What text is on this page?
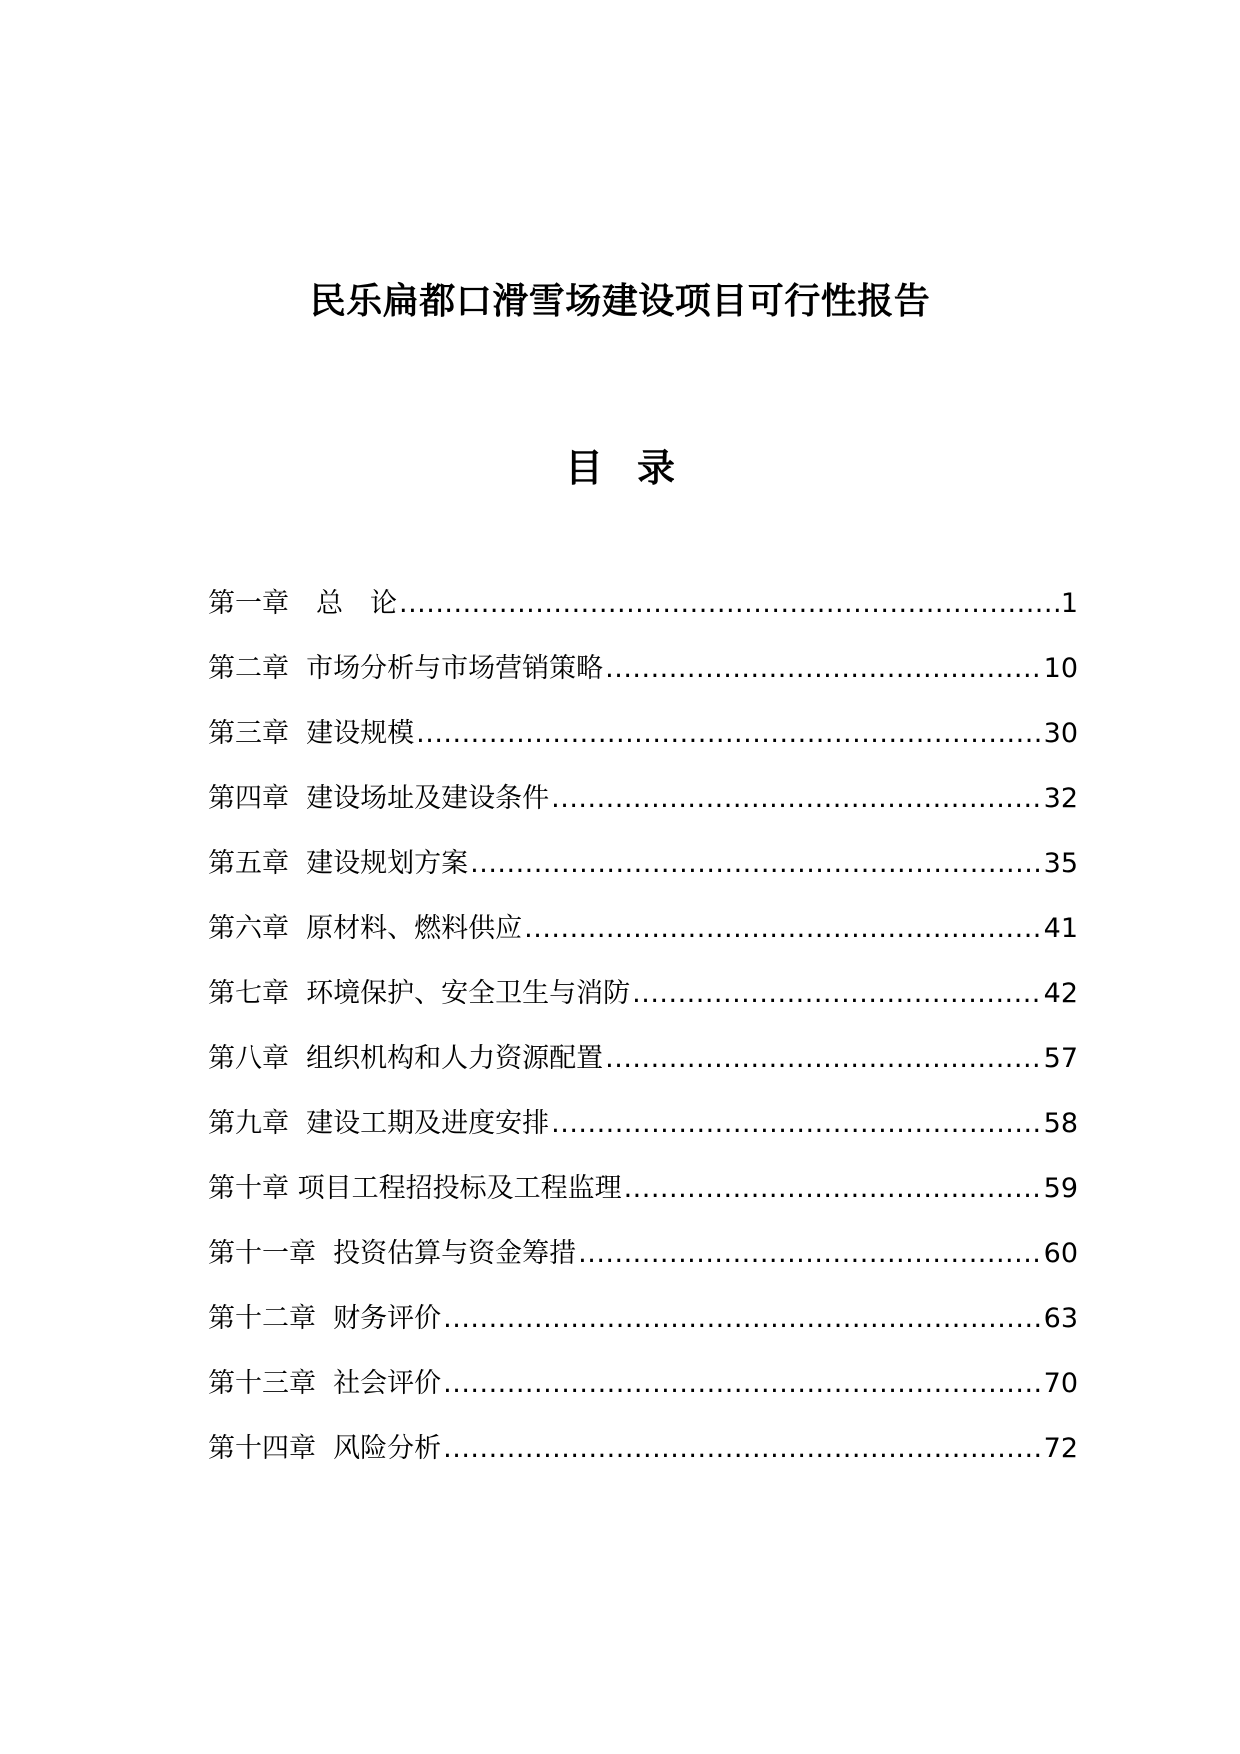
民乐扁都口滑雪场建设项目可行性报告
目 录
第一章　总　论 .....	1
第二章  市场分析与市场营销策略 .....	10
第三章  建设规模 .....	30
第四章  建设场址及建设条件 .....	32
第五章  建设规划方案 .....	35
第六章  原材料、燃料供应 .....	41
第七章  环境保护、安全卫生与消防 .....	42
第八章  组织机构和人力资源配置 .....	57
第九章  建设工期及进度安排 .....	58
第十章 项目工程招投标及工程监理 .....	59
第十一章  投资估算与资金筹措 .....	60
第十二章  财务评价 .....	63
第十三章  社会评价 .....	70
第十四章  风险分析 .....	72
